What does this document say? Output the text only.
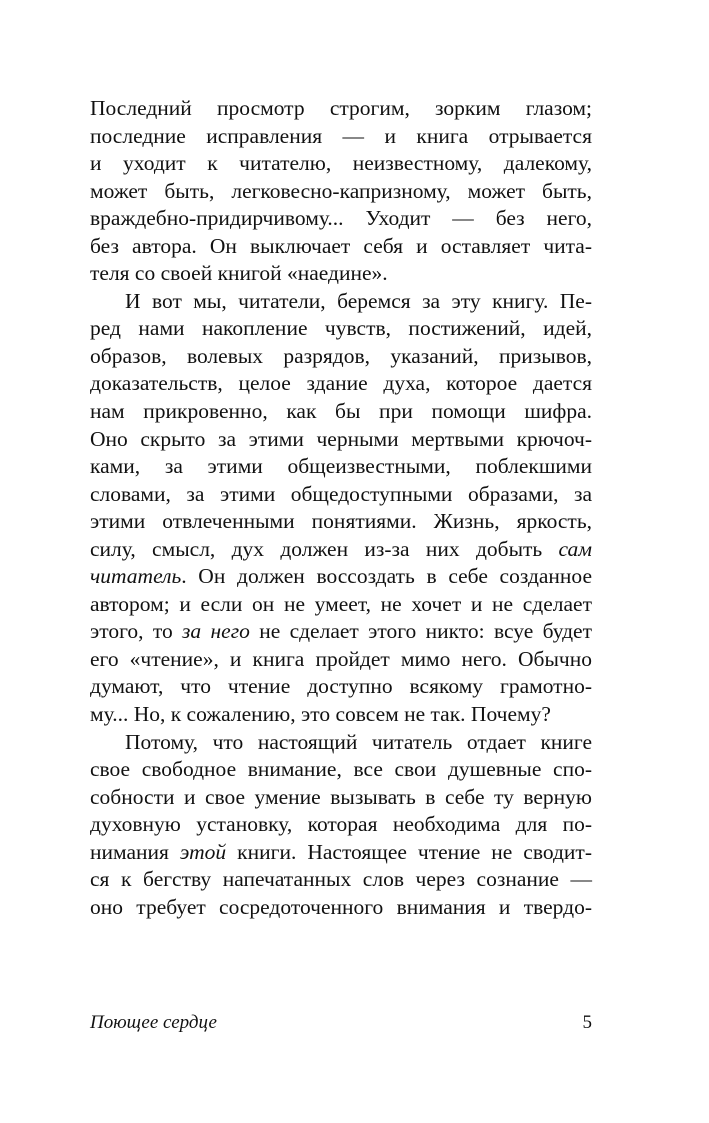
Последний просмотр строгим, зорким глазом;
последние исправления — и книга отрывается
и уходит к читателю, неизвестному, далекому,
может быть, легковесно-капризному, может быть,
враждебно-придирчивому... Уходит — без него,
без автора. Он выключает себя и оставляет чита-
теля со своей книгой «наедине».
И вот мы, читатели, беремся за эту книгу. Пе-
ред нами накопление чувств, постижений, идей,
образов, волевых разрядов, указаний, призывов,
доказательств, целое здание духа, которое дается
нам прикровенно, как бы при помощи шифра.
Оно скрыто за этими черными мертвыми крючоч-
ками, за этими общеизвестными, поблекшими
словами, за этими общедоступными образами, за
этими отвлеченными понятиями. Жизнь, яркость,
силу, смысл, дух должен из-за них добыть сам
читатель. Он должен воссоздать в себе созданное
автором; и если он не умеет, не хочет и не сделает
этого, то за него не сделает этого никто: всуе будет
его «чтение», и книга пройдет мимо него. Обычно
думают, что чтение доступно всякому грамотно-
му... Но, к сожалению, это совсем не так. Почему?
Потому, что настоящий читатель отдает книге
свое свободное внимание, все свои душевные спо-
собности и свое умение вызывать в себе ту верную
духовную установку, которая необходима для по-
нимания этой книги. Настоящее чтение не сводит-
ся к бегству напечатанных слов через сознание —
оно требует сосредоточенного внимания и твердо-
Поющее сердце	5
